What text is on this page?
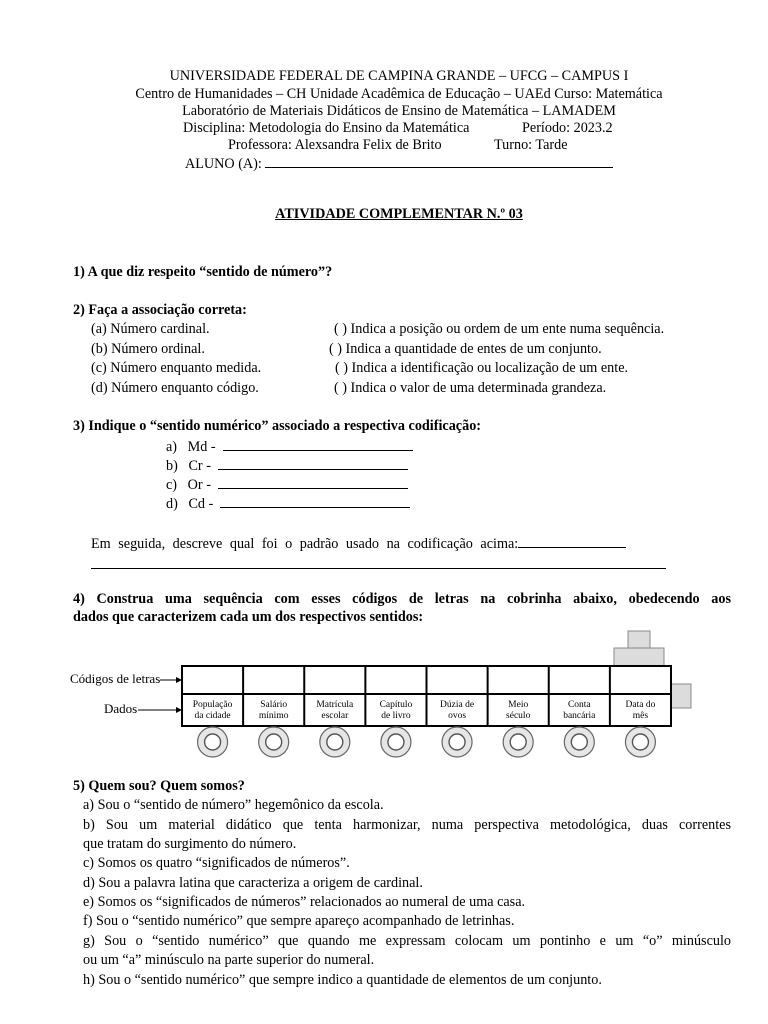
UNIVERSIDADE FEDERAL DE CAMPINA GRANDE – UFCG – CAMPUS I
Centro de Humanidades – CH Unidade Acadêmica de Educação – UAEd Curso: Matemática
Laboratório de Materiais Didáticos de Ensino de Matemática – LAMADEM
Disciplina: Metodologia do Ensino da Matemática	Período: 2023.2
Professora: Alexsandra Felix de Brito	Turno: Tarde
ALUNO (A):
ATIVIDADE COMPLEMENTAR N.º 03
1) A que diz respeito “sentido de número”?
2) Faça a associação correta:
(a) Número cardinal.
(b) Número ordinal.
(c) Número enquanto medida.
(d) Número enquanto código.
( ) Indica a posição ou ordem de um ente numa sequência.
( ) Indica a quantidade de entes de um conjunto.
( ) Indica a identificação ou localização de um ente.
( ) Indica o valor de uma determinada grandeza.
3) Indique o “sentido numérico” associado a respectiva codificação:
a) Md -
b) Cr -
c) Or -
d) Cd -
Em seguida, descreve qual foi o padrão usado na codificação acima:
4) Construa uma sequência com esses códigos de letras na cobrinha abaixo, obedecendo aos
dados que caracterizem cada um dos respectivos sentidos:
População
da cidade
Salário
mínimo
Matrícula
escolar
Capítulo
de livro
Dúzia de
ovos
Meio
século
Conta
bancária
Data do
mês
Códigos de letras
Dados
5) Quem sou? Quem somos?
a) Sou o “sentido de número” hegemônico da escola.
b) Sou um material didático que tenta harmonizar, numa perspectiva metodológica, duas correntes
que tratam do surgimento do número.
c) Somos os quatro “significados de números”.
d) Sou a palavra latina que caracteriza a origem de cardinal.
e) Somos os “significados de números” relacionados ao numeral de uma casa.
f) Sou o “sentido numérico” que sempre apareço acompanhado de letrinhas.
g) Sou o “sentido numérico” que quando me expressam colocam um pontinho e um “o” minúsculo
ou um “a” minúsculo na parte superior do numeral.
h) Sou o “sentido numérico” que sempre indico a quantidade de elementos de um conjunto.
